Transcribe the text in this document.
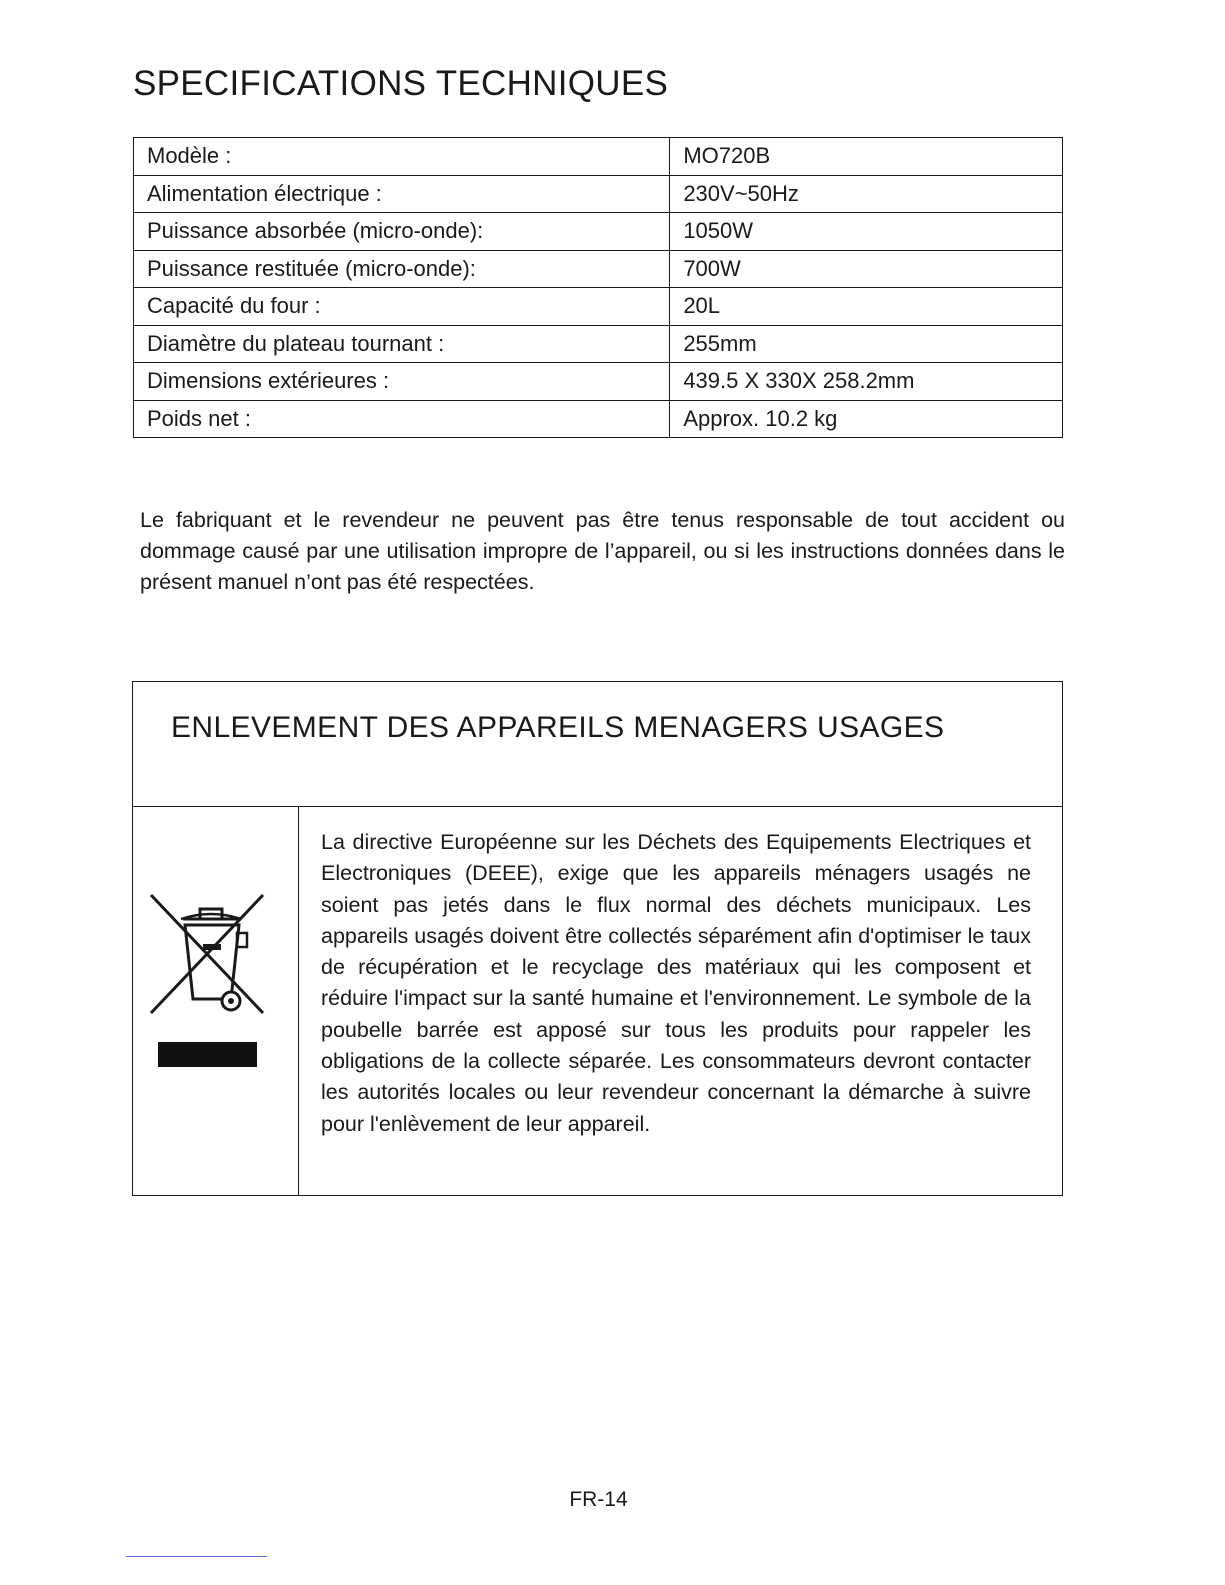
SPECIFICATIONS TECHNIQUES
Modèle :	MO720B
Alimentation électrique :	230V~50Hz
Puissance absorbée (micro-onde):	1050W
Puissance restituée (micro-onde):	700W
Capacité du four :	20L
Diamètre du plateau tournant :	255mm
Dimensions extérieures :	439.5 X 330X 258.2mm
Poids net :	Approx. 10.2 kg

Le fabriquant et le revendeur ne peuvent pas être tenus responsable de tout accident ou dommage causé par une utilisation impropre de l’appareil, ou si les instructions données dans le présent manuel n’ont pas été respectées.

ENLEVEMENT DES APPAREILS MENAGERS USAGES

La directive Européenne sur les Déchets des Equipements Electriques et Electroniques (DEEE), exige que les appareils ménagers usagés ne soient pas jetés dans le flux normal des déchets municipaux. Les appareils usagés doivent être collectés séparément afin d'optimiser le taux de récupération et le recyclage des matériaux qui les composent et réduire l'impact sur la santé humaine et l'environnement. Le symbole de la poubelle barrée est apposé sur tous les produits pour rappeler les obligations de la collecte séparée. Les consommateurs devront contacter les autorités locales ou leur revendeur concernant la démarche à suivre pour l'enlèvement de leur appareil.

FR-14
